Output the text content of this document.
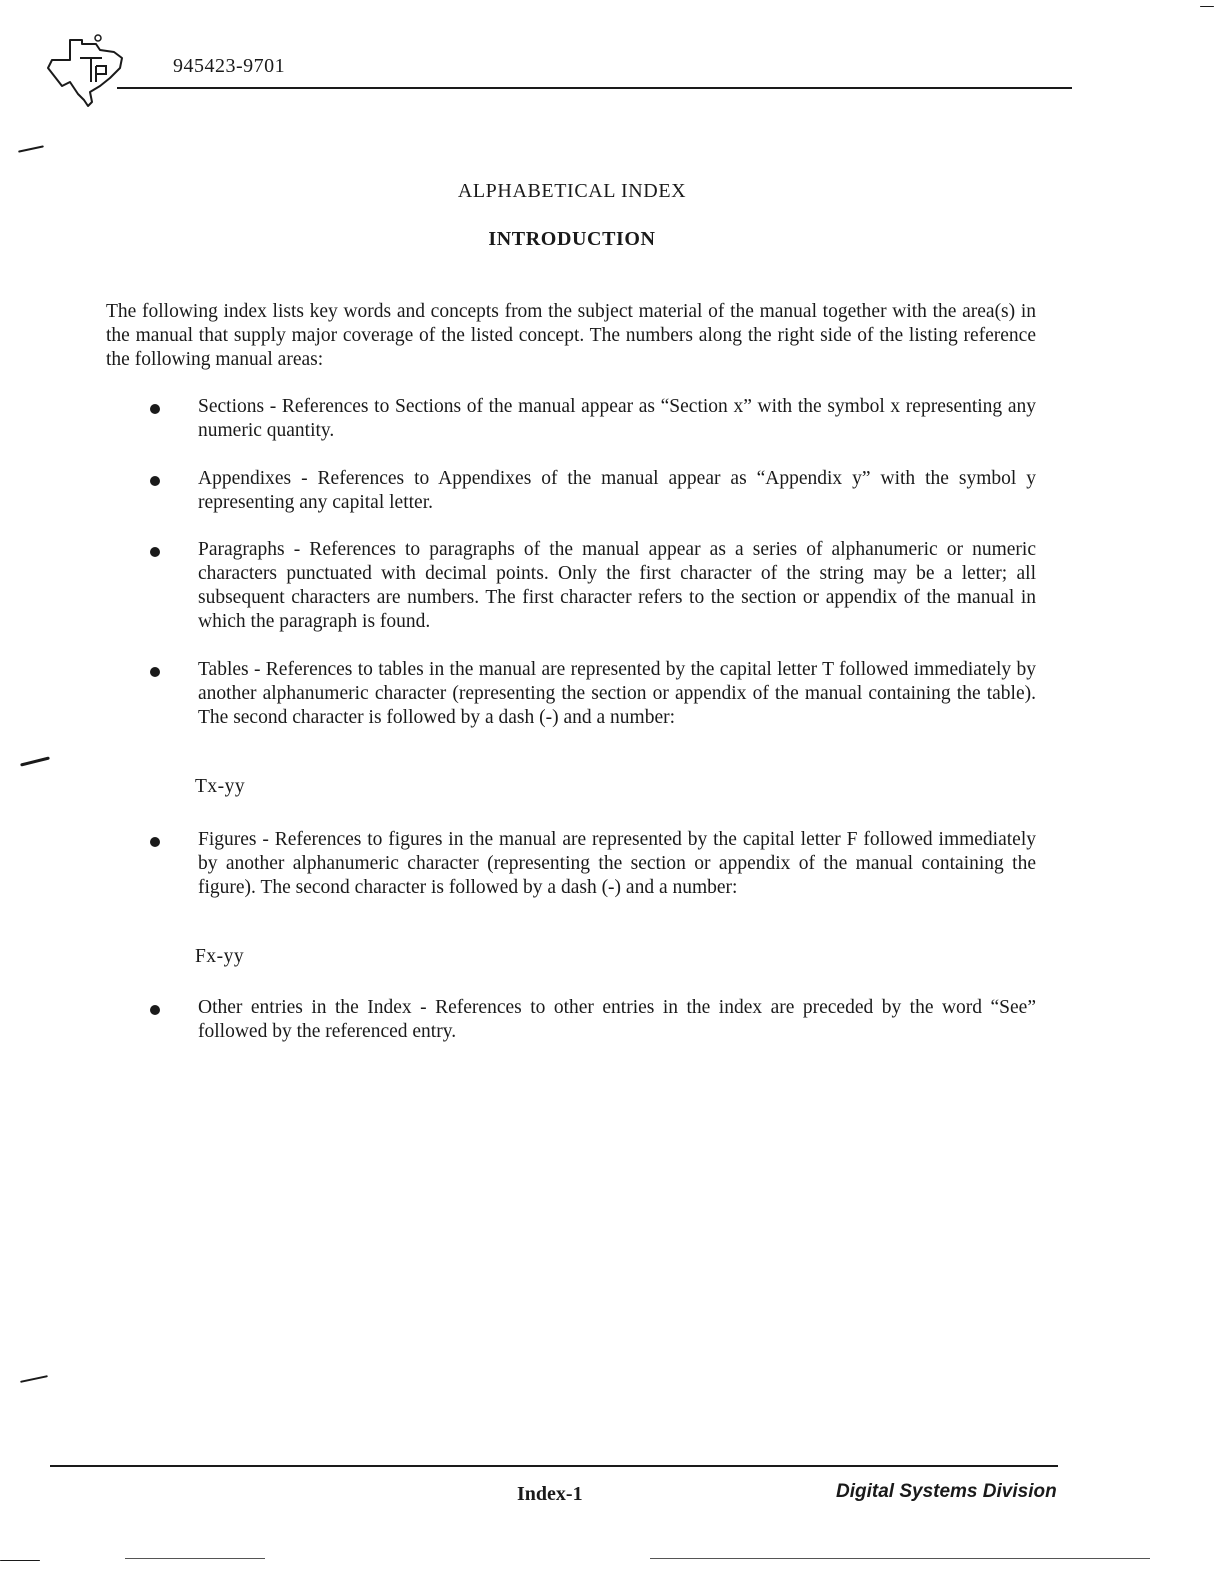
945423-9701
ALPHABETICAL INDEX
INTRODUCTION

The following index lists key words and concepts from the subject material of the manual together with the area(s) in the manual that supply major coverage of the listed concept. The numbers along the right side of the listing reference the following manual areas:

Sections - References to Sections of the manual appear as “Section x” with the symbol x representing any numeric quantity.

Appendixes - References to Appendixes of the manual appear as “Appendix y” with the symbol y representing any capital letter.

Paragraphs - References to paragraphs of the manual appear as a series of alphanumeric or numeric characters punctuated with decimal points. Only the first character of the string may be a letter; all subsequent characters are numbers. The first character refers to the section or appendix of the manual in which the paragraph is found.

Tables - References to tables in the manual are represented by the capital letter T followed immediately by another alphanumeric character (representing the section or appendix of the manual containing the table). The second character is followed by a dash (-) and a number:

Tx-yy

Figures - References to figures in the manual are represented by the capital letter F followed immediately by another alphanumeric character (representing the section or appendix of the manual containing the figure). The second character is followed by a dash (-) and a number:

Fx-yy

Other entries in the Index - References to other entries in the index are preceded by the word “See” followed by the referenced entry.

Index-1	Digital Systems Division
